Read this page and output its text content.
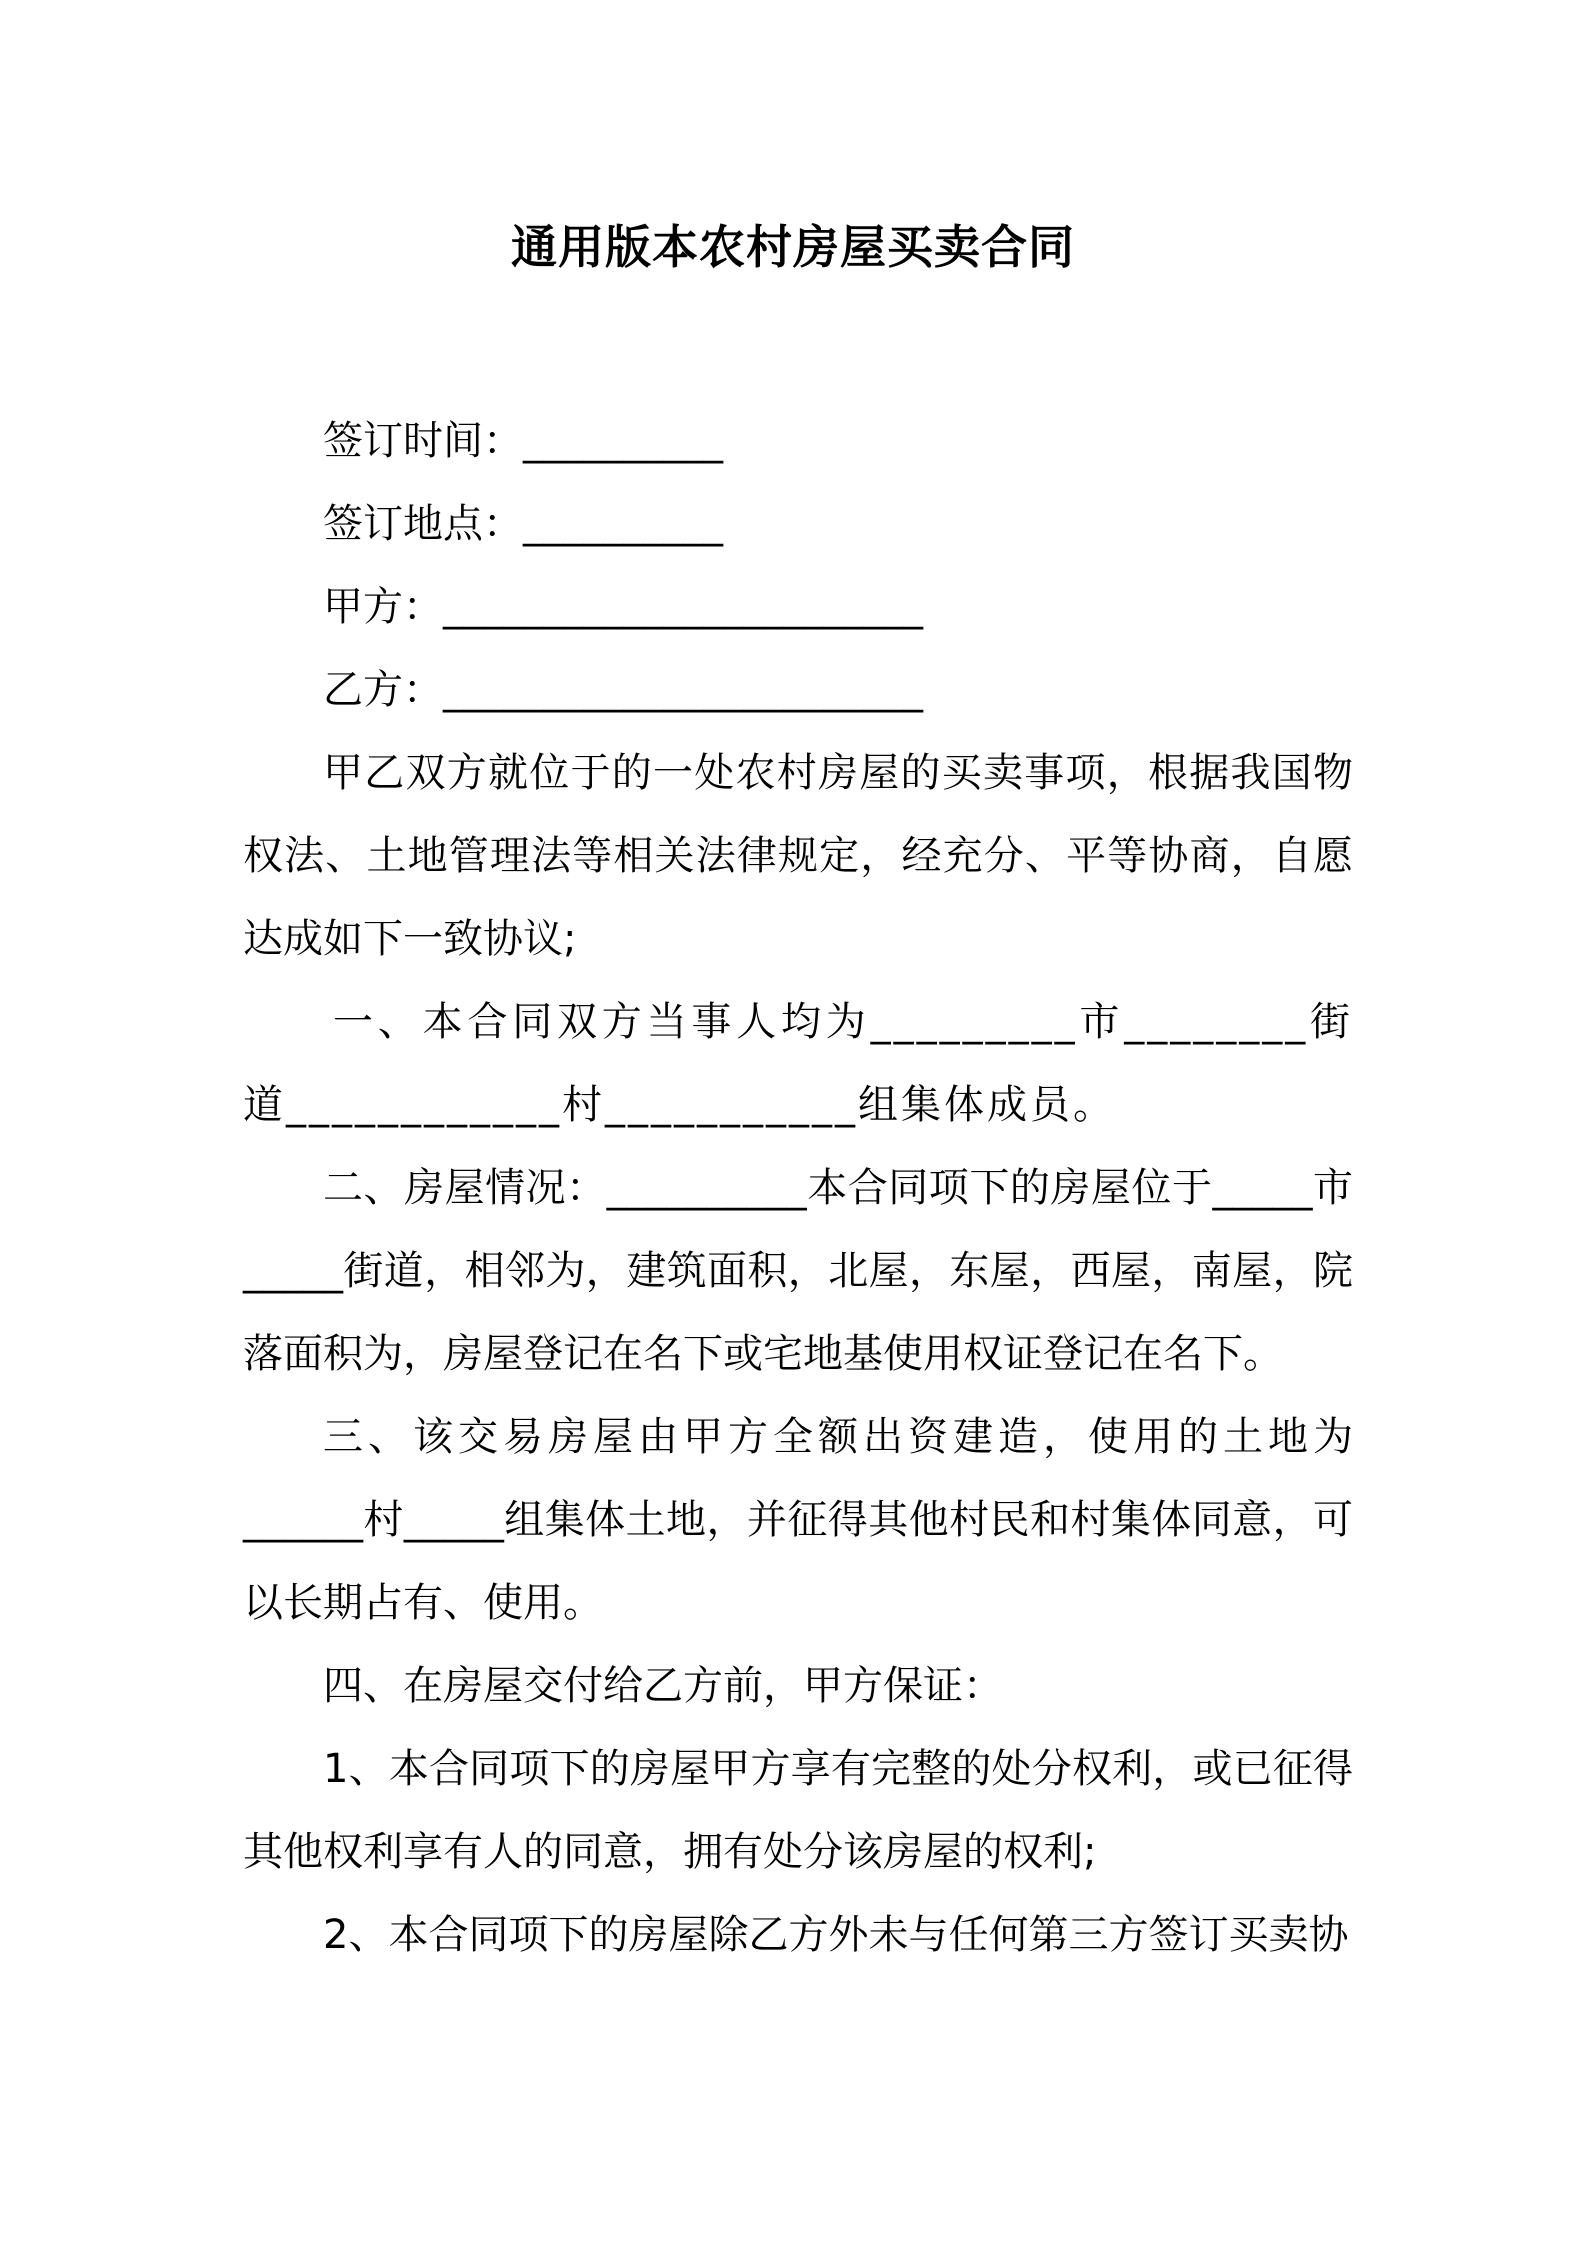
通用版本农村房屋买卖合同
签订时间：__________
签订地点：__________
甲方：________________________
乙方：________________________

甲乙双方就位于的一处农村房屋的买卖事项，根据我国物权法、土地管理法等相关法律规定，经充分、平等协商，自愿达成如下一致协议;

一、本合同双方当事人均为_________市________街道____________村___________组集体成员。

二、房屋情况：__________本合同项下的房屋位于_____市_____街道，相邻为，建筑面积，北屋，东屋，西屋，南屋，院落面积为，房屋登记在名下或宅地基使用权证登记在名下。

三、该交易房屋由甲方全额出资建造，使用的土地为______村_____组集体土地，并征得其他村民和村集体同意，可以长期占有、使用。

四、在房屋交付给乙方前，甲方保证：

1、本合同项下的房屋甲方享有完整的处分权利，或已征得其他权利享有人的同意，拥有处分该房屋的权利;

2、本合同项下的房屋除乙方外未与任何第三方签订买卖协
